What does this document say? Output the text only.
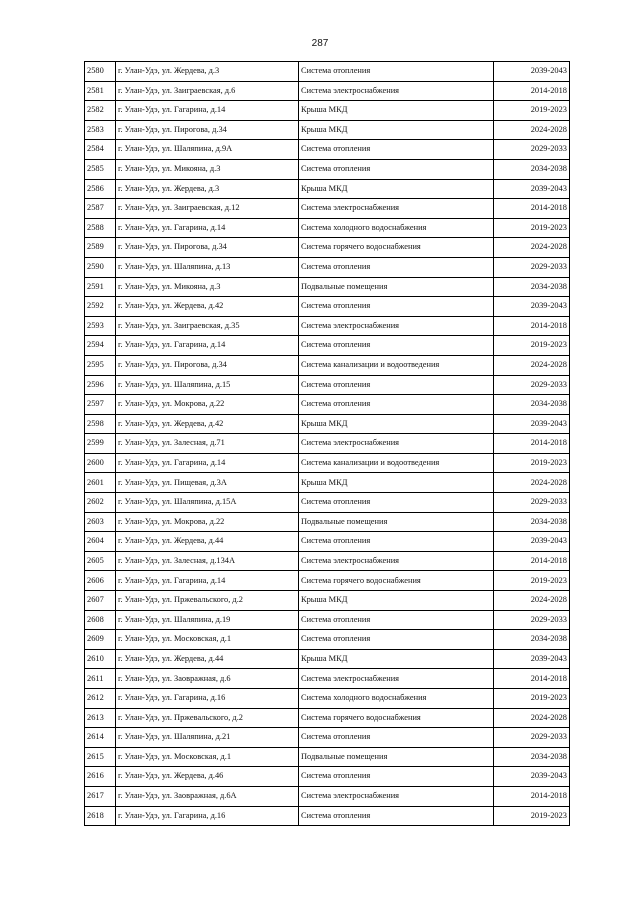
287
2580	г. Улан-Удэ, ул. Жердева, д.3	Система отопления	2039-2043
2581	г. Улан-Удэ, ул. Заиграевская, д.6	Система электроснабжения	2014-2018
2582	г. Улан-Удэ, ул. Гагарина, д.14	Крыша МКД	2019-2023
2583	г. Улан-Удэ, ул. Пирогова, д.34	Крыша МКД	2024-2028
2584	г. Улан-Удэ, ул. Шаляпина, д.9А	Система отопления	2029-2033
2585	г. Улан-Удэ, ул. Микояна, д.3	Система отопления	2034-2038
2586	г. Улан-Удэ, ул. Жердева, д.3	Крыша МКД	2039-2043
2587	г. Улан-Удэ, ул. Заиграевская, д.12	Система электроснабжения	2014-2018
2588	г. Улан-Удэ, ул. Гагарина, д.14	Система холодного водоснабжения	2019-2023
2589	г. Улан-Удэ, ул. Пирогова, д.34	Система горячего водоснабжения	2024-2028
2590	г. Улан-Удэ, ул. Шаляпина, д.13	Система отопления	2029-2033
2591	г. Улан-Удэ, ул. Микояна, д.3	Подвальные помещения	2034-2038
2592	г. Улан-Удэ, ул. Жердева, д.42	Система отопления	2039-2043
2593	г. Улан-Удэ, ул. Заиграевская, д.35	Система электроснабжения	2014-2018
2594	г. Улан-Удэ, ул. Гагарина, д.14	Система отопления	2019-2023
2595	г. Улан-Удэ, ул. Пирогова, д.34	Система канализации и водоотведения	2024-2028
2596	г. Улан-Удэ, ул. Шаляпина, д.15	Система отопления	2029-2033
2597	г. Улан-Удэ, ул. Мокрова, д.22	Система отопления	2034-2038
2598	г. Улан-Удэ, ул. Жердева, д.42	Крыша МКД	2039-2043
2599	г. Улан-Удэ, ул. Залесная, д.71	Система электроснабжения	2014-2018
2600	г. Улан-Удэ, ул. Гагарина, д.14	Система канализации и водоотведения	2019-2023
2601	г. Улан-Удэ, ул. Пищевая, д.3А	Крыша МКД	2024-2028
2602	г. Улан-Удэ, ул. Шаляпина, д.15А	Система отопления	2029-2033
2603	г. Улан-Удэ, ул. Мокрова, д.22	Подвальные помещения	2034-2038
2604	г. Улан-Удэ, ул. Жердева, д.44	Система отопления	2039-2043
2605	г. Улан-Удэ, ул. Залесная, д.134А	Система электроснабжения	2014-2018
2606	г. Улан-Удэ, ул. Гагарина, д.14	Система горячего водоснабжения	2019-2023
2607	г. Улан-Удэ, ул. Пржевальского, д.2	Крыша МКД	2024-2028
2608	г. Улан-Удэ, ул. Шаляпина, д.19	Система отопления	2029-2033
2609	г. Улан-Удэ, ул. Московская, д.1	Система отопления	2034-2038
2610	г. Улан-Удэ, ул. Жердева, д.44	Крыша МКД	2039-2043
2611	г. Улан-Удэ, ул. Заовражная, д.6	Система электроснабжения	2014-2018
2612	г. Улан-Удэ, ул. Гагарина, д.16	Система холодного водоснабжения	2019-2023
2613	г. Улан-Удэ, ул. Пржевальского, д.2	Система горячего водоснабжения	2024-2028
2614	г. Улан-Удэ, ул. Шаляпина, д.21	Система отопления	2029-2033
2615	г. Улан-Удэ, ул. Московская, д.1	Подвальные помещения	2034-2038
2616	г. Улан-Удэ, ул. Жердева, д.46	Система отопления	2039-2043
2617	г. Улан-Удэ, ул. Заовражная, д.6А	Система электроснабжения	2014-2018
2618	г. Улан-Удэ, ул. Гагарина, д.16	Система отопления	2019-2023
